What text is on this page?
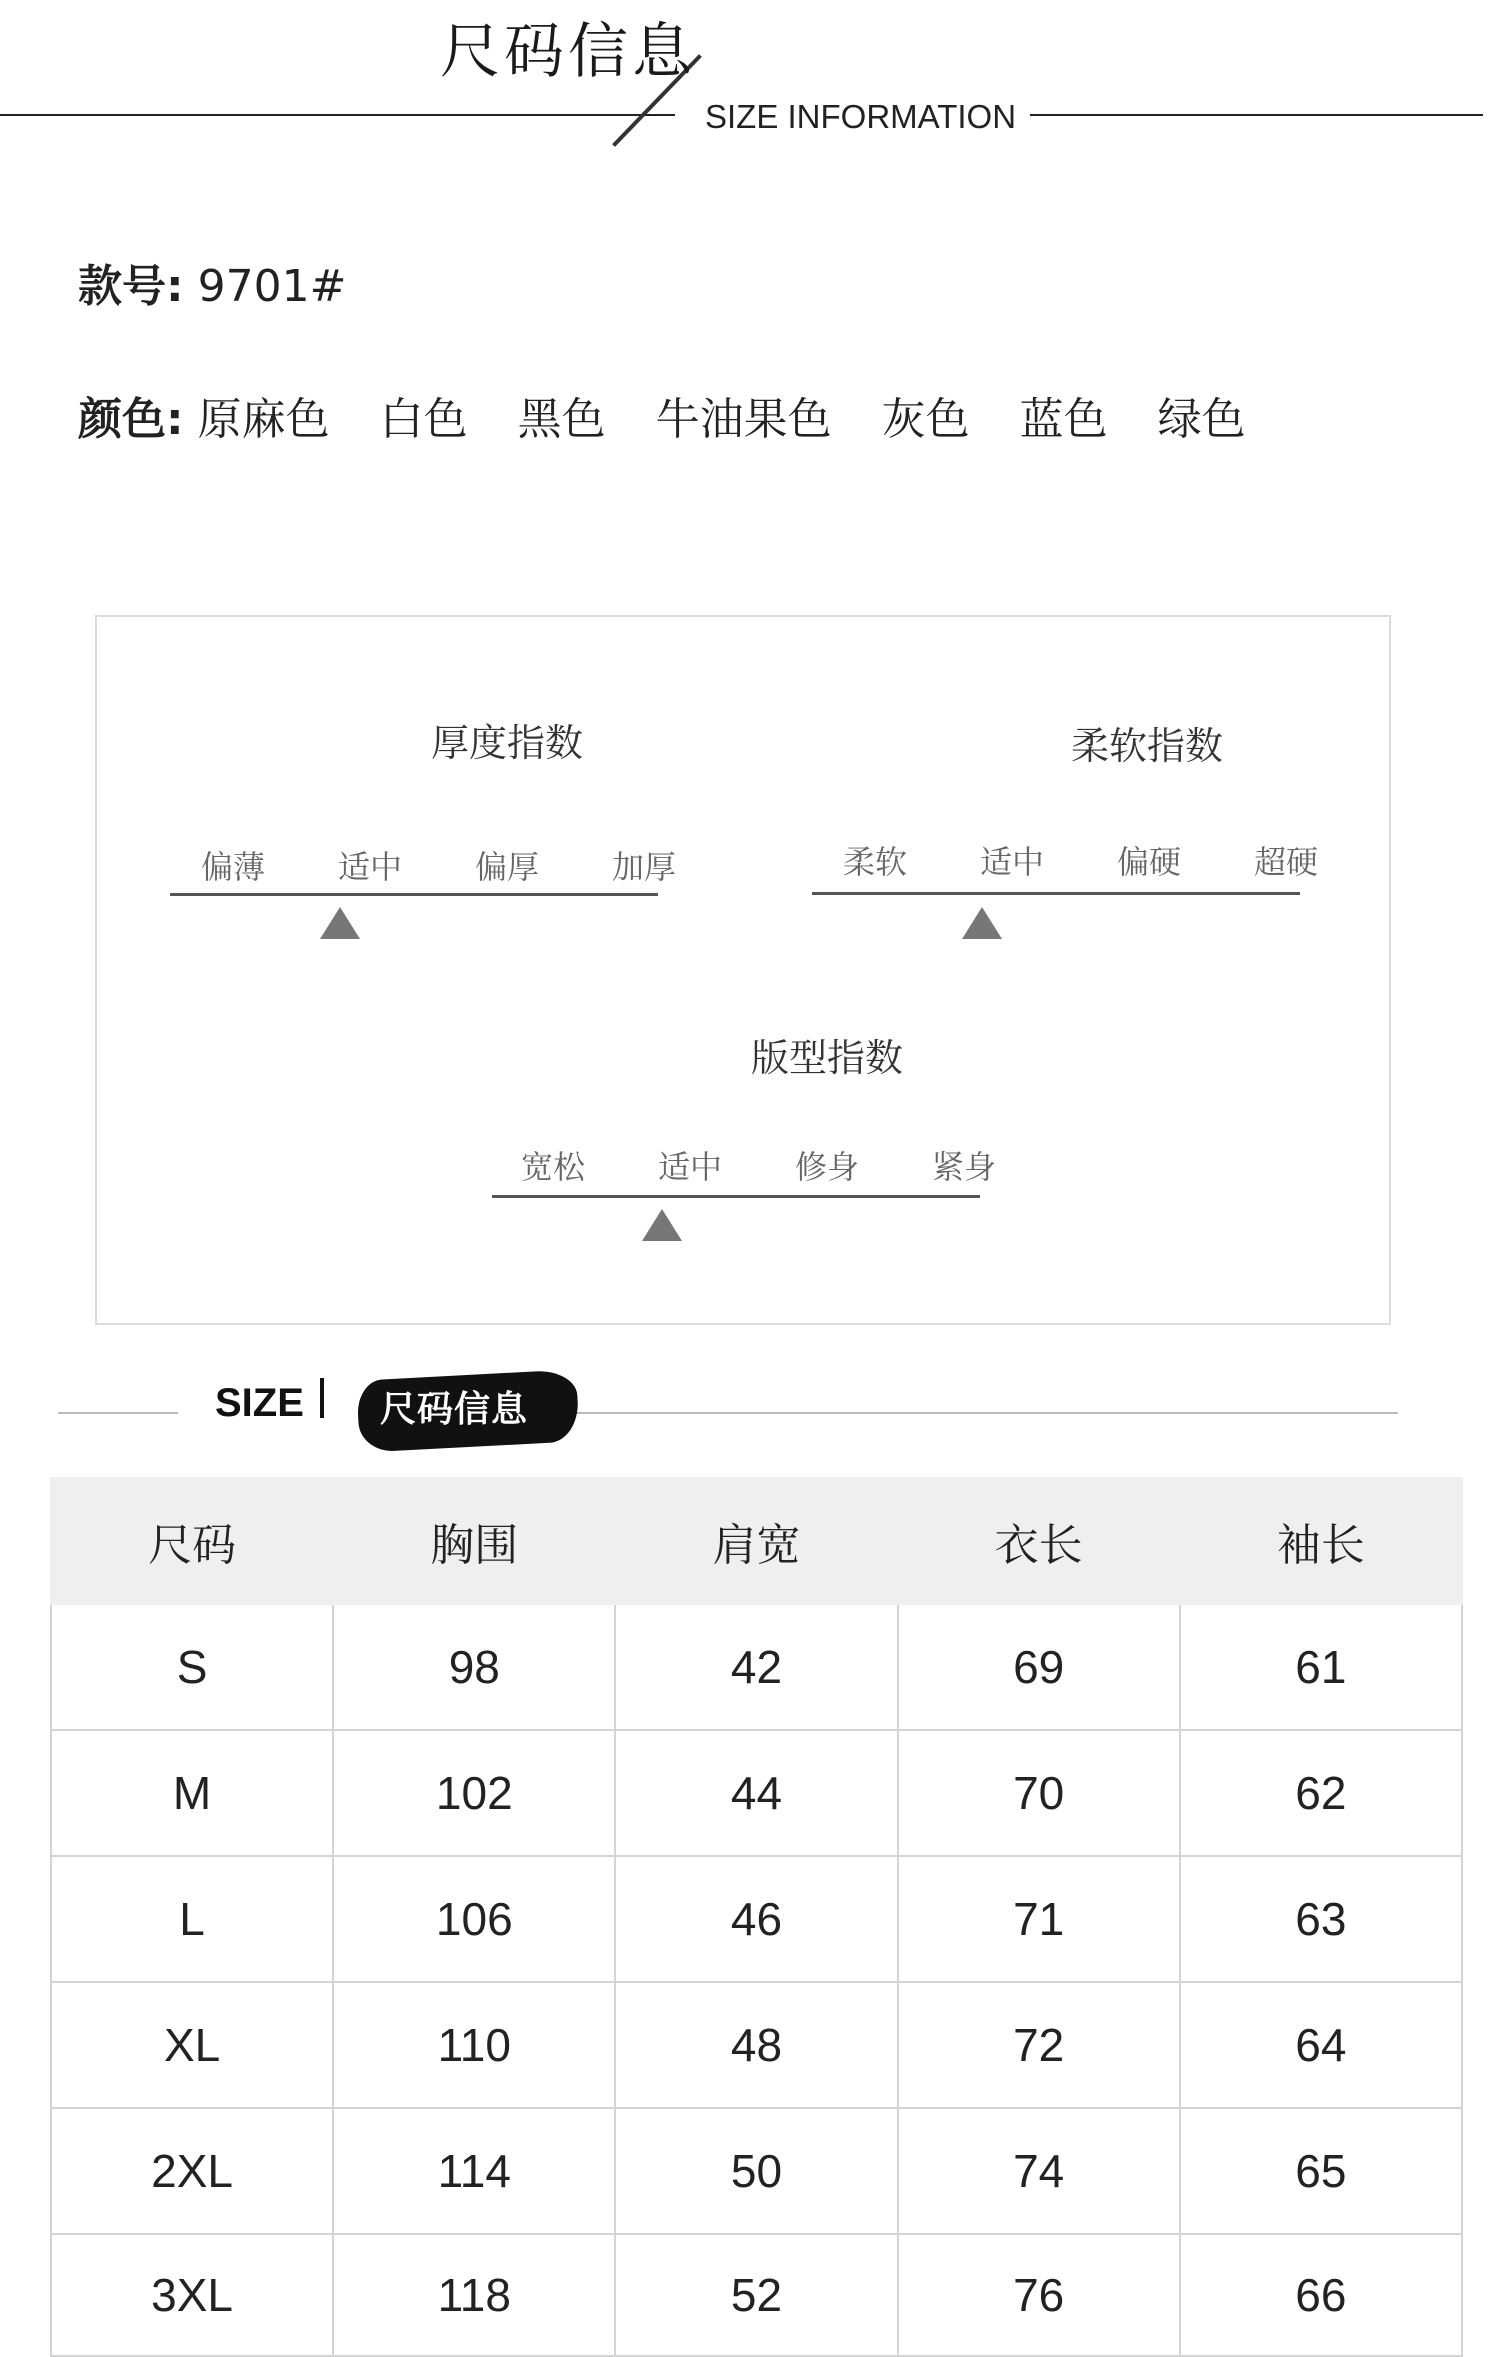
尺码信息
SIZE INFORMATION
款号: 9701#
颜色: 原麻色 白色 黑色 牛油果色 灰色 蓝色 绿色
厚度指数
偏薄	适中	偏厚	加厚
柔软指数
柔软	适中	偏硬	超硬
版型指数
宽松	适中	修身	紧身
SIZE 尺码信息
尺码	胸围	肩宽	衣长	袖长
S	98	42	69	61
M	102	44	70	62
L	106	46	71	63
XL	110	48	72	64
2XL	114	50	74	65
3XL	118	52	76	66
